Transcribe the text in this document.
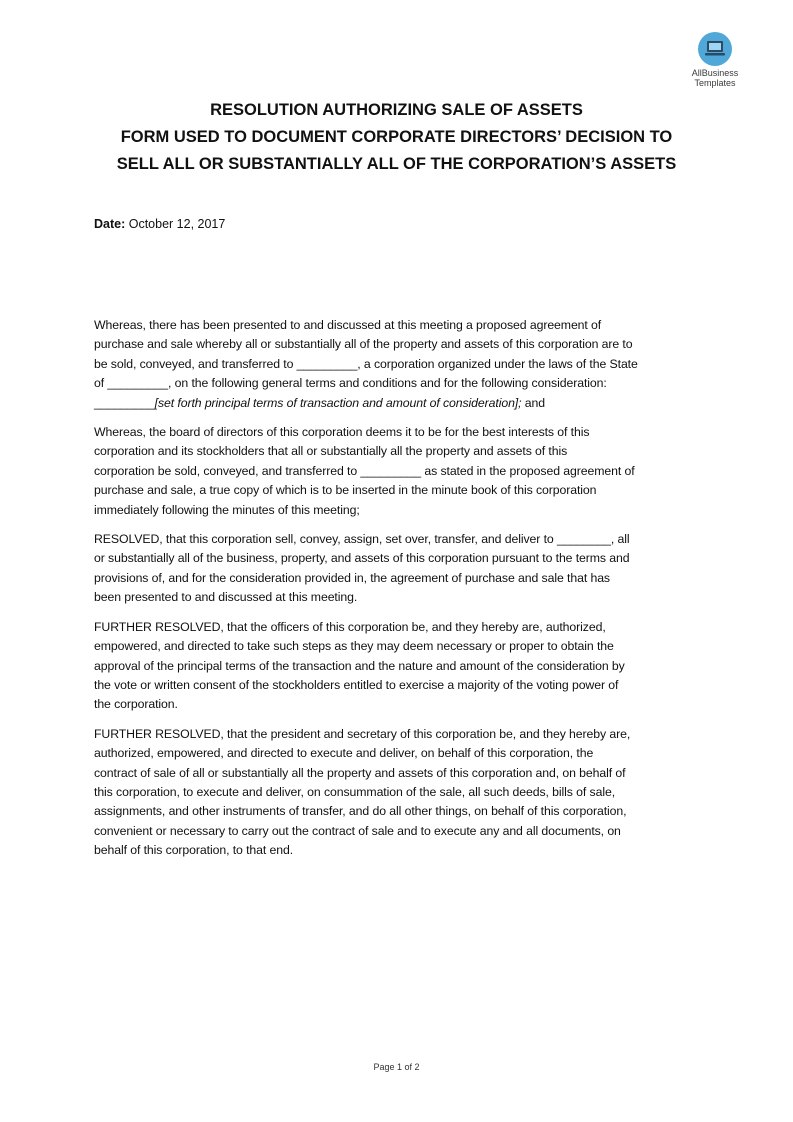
AllBusiness
Templates
RESOLUTION AUTHORIZING SALE OF ASSETS
FORM USED TO DOCUMENT CORPORATE DIRECTORS’ DECISION TO
SELL ALL OR SUBSTANTIALLY ALL OF THE CORPORATION’S ASSETS
Date: October 12, 2017

Whereas, there has been presented to and discussed at this meeting a proposed agreement of
purchase and sale whereby all or substantially all of the property and assets of this corporation are to
be sold, conveyed, and transferred to _________, a corporation organized under the laws of the State
of _________, on the following general terms and conditions and for the following consideration:
_________[set forth principal terms of transaction and amount of consideration]; and

Whereas, the board of directors of this corporation deems it to be for the best interests of this
corporation and its stockholders that all or substantially all the property and assets of this
corporation be sold, conveyed, and transferred to _________ as stated in the proposed agreement of
purchase and sale, a true copy of which is to be inserted in the minute book of this corporation
immediately following the minutes of this meeting;

RESOLVED, that this corporation sell, convey, assign, set over, transfer, and deliver to ________, all
or substantially all of the business, property, and assets of this corporation pursuant to the terms and
provisions of, and for the consideration provided in, the agreement of purchase and sale that has
been presented to and discussed at this meeting.

FURTHER RESOLVED, that the officers of this corporation be, and they hereby are, authorized,
empowered, and directed to take such steps as they may deem necessary or proper to obtain the
approval of the principal terms of the transaction and the nature and amount of the consideration by
the vote or written consent of the stockholders entitled to exercise a majority of the voting power of
the corporation.

FURTHER RESOLVED, that the president and secretary of this corporation be, and they hereby are,
authorized, empowered, and directed to execute and deliver, on behalf of this corporation, the
contract of sale of all or substantially all the property and assets of this corporation and, on behalf of
this corporation, to execute and deliver, on consummation of the sale, all such deeds, bills of sale,
assignments, and other instruments of transfer, and do all other things, on behalf of this corporation,
convenient or necessary to carry out the contract of sale and to execute any and all documents, on
behalf of this corporation, to that end.

Page 1 of 2
